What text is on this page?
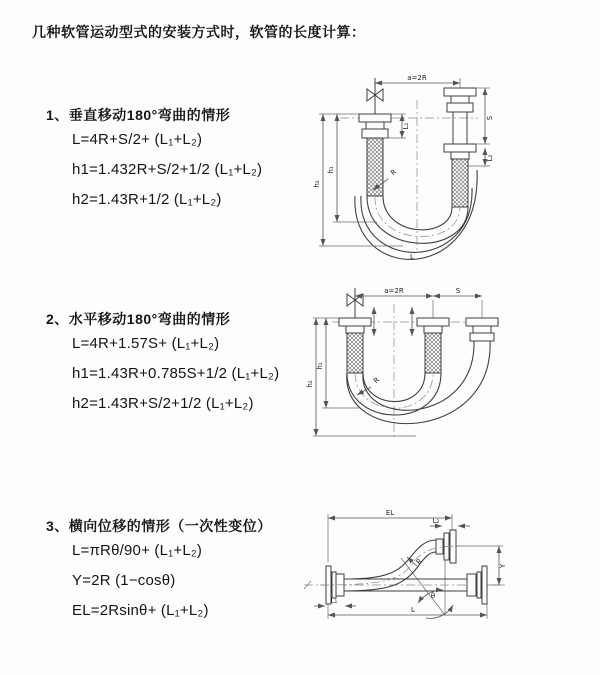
几种软管运动型式的安装方式时，软管的长度计算：
1、垂直移动180°弯曲的情形
L=4R+S/2+ (L₁+L₂)
h1=1.432R+S/2+1/2 (L₁+L₂)
h2=1.43R+1/2 (L₁+L₂)
2、水平移动180°弯曲的情形
L=4R+1.57S+ (L₁+L₂)
h1=1.43R+0.785S+1/2 (L₁+L₂)
h2=1.43R+S/2+1/2 (L₁+L₂)
3、横向位移的情形（一次性变位）
L=πRθ/90+ (L₁+L₂)
Y=2R (1−cosθ)
EL=2Rsinθ+ (L₁+L₂)
a=2R
S
L₂
L₁
h₁
h₂
R
L
a=2R	S
h₁
h₂	R
EL
L₂
θ
R	Y
L
L₁
